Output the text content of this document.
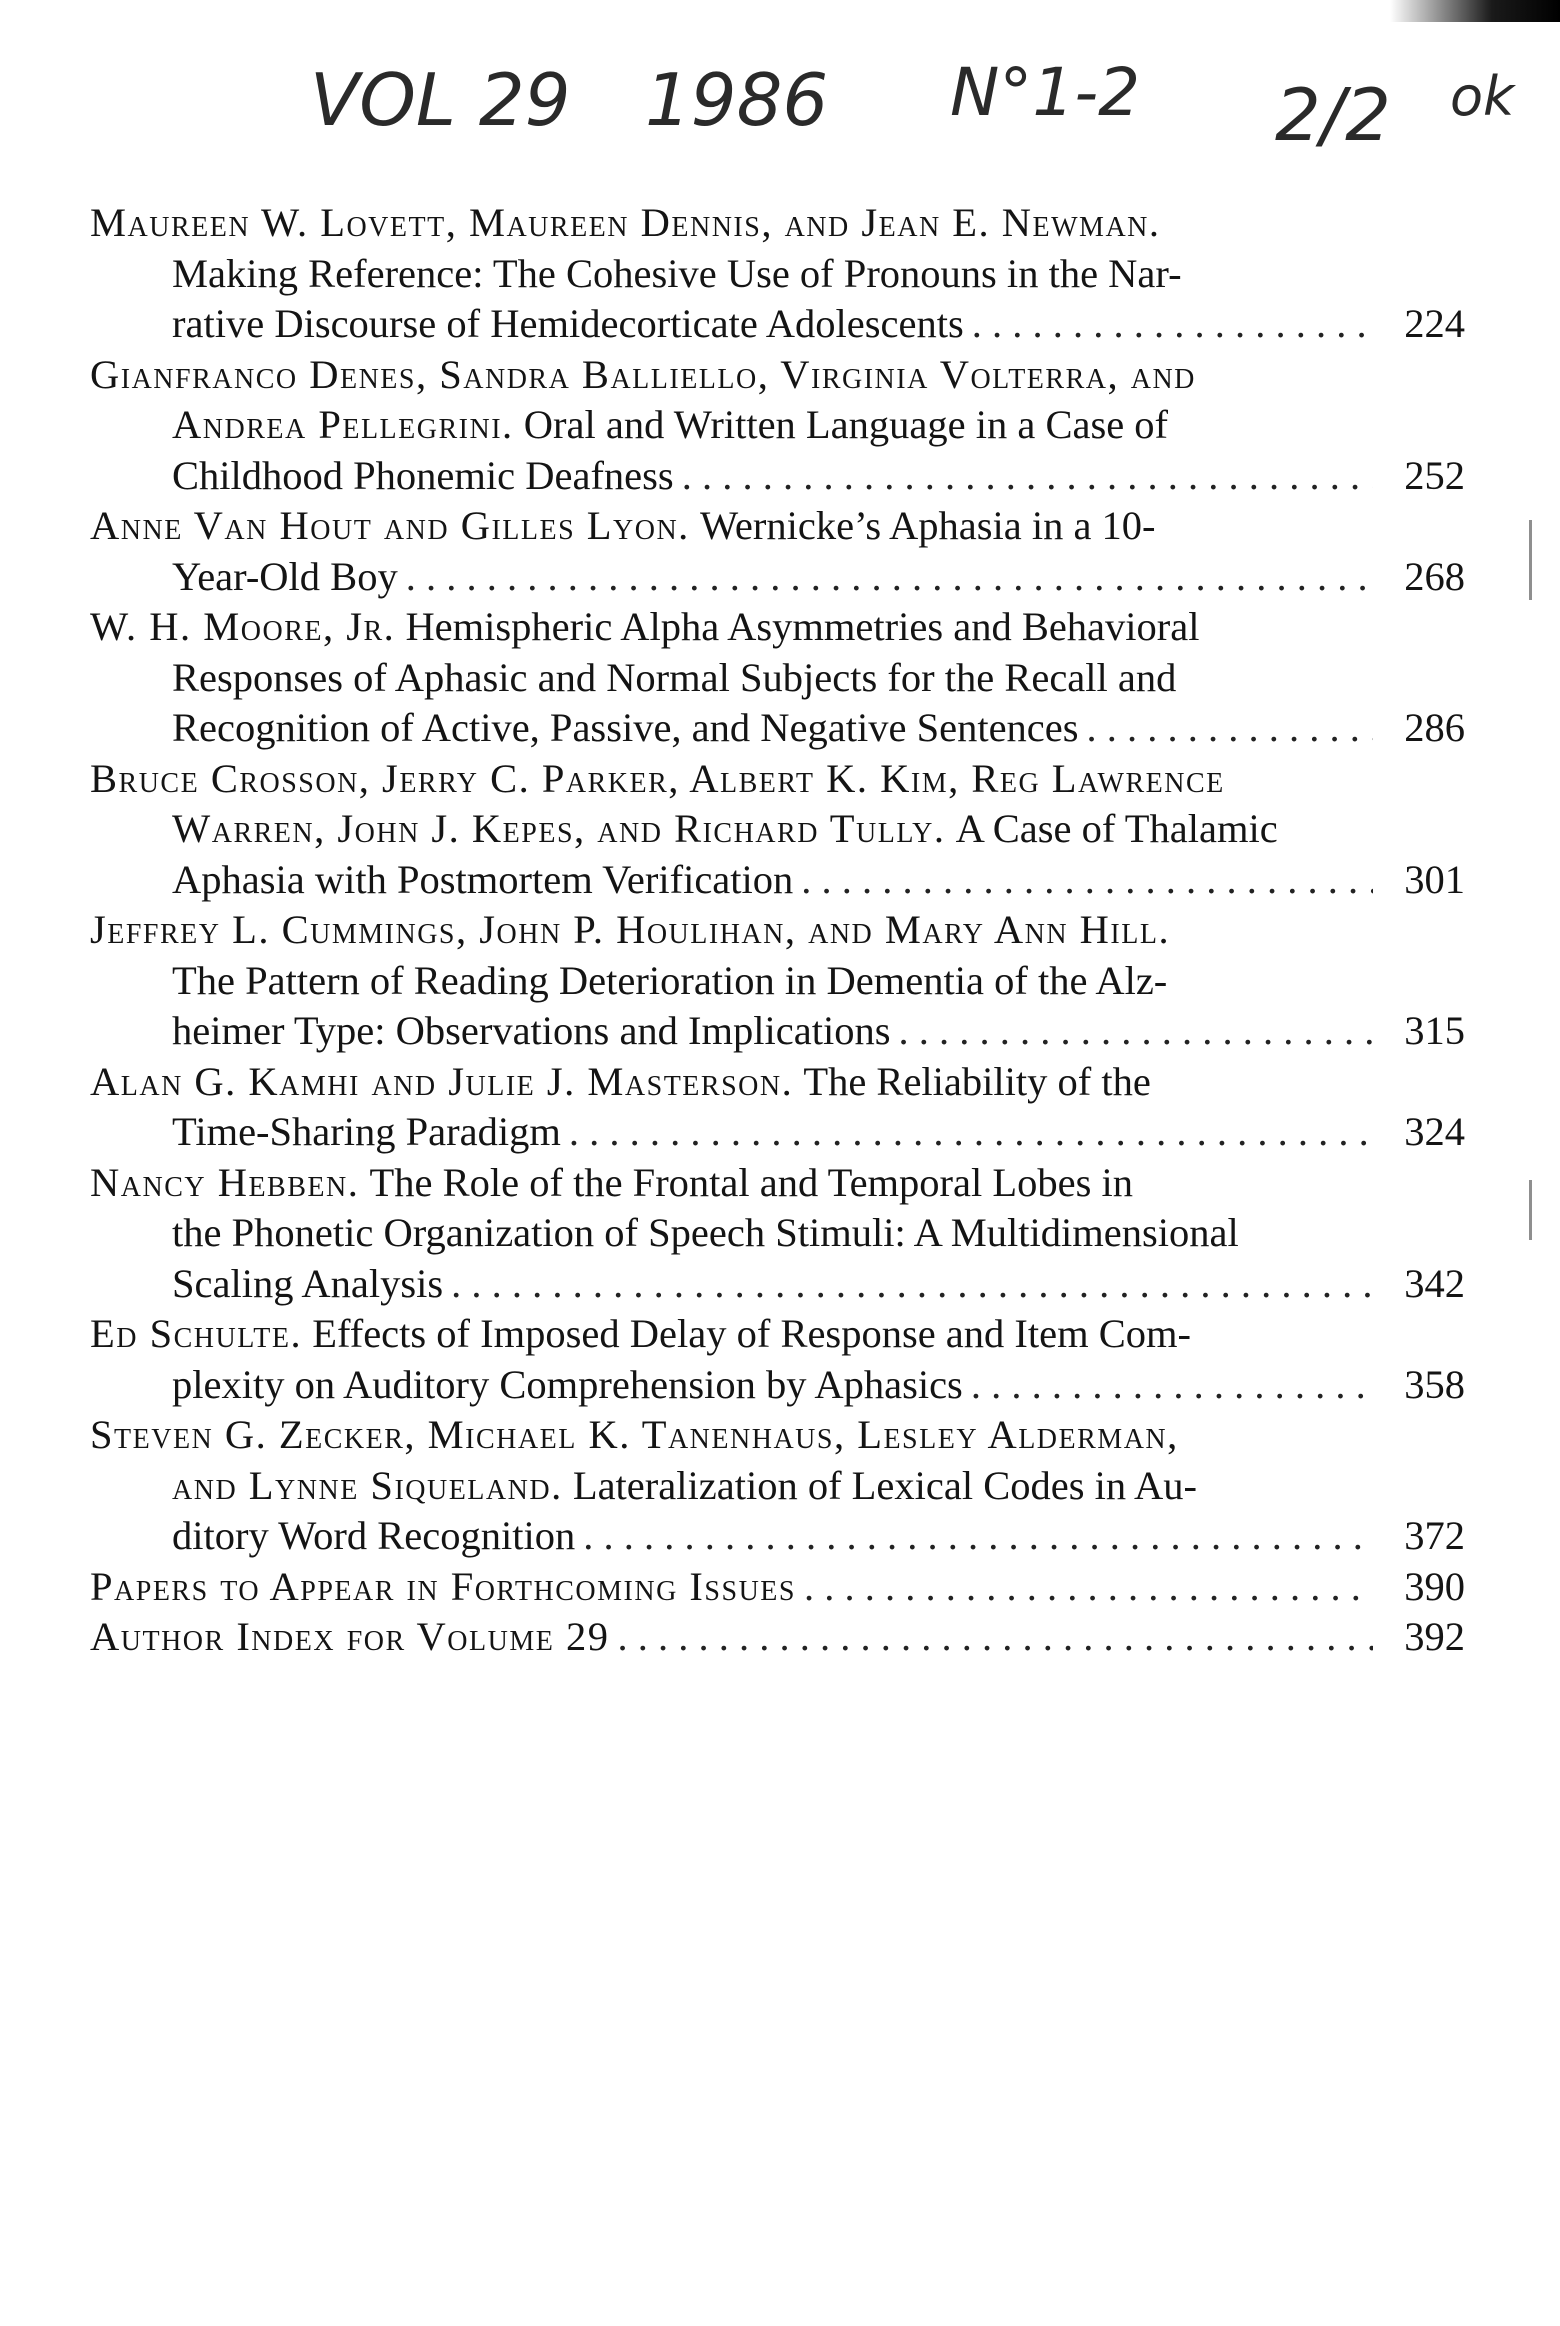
VOL 29 1986 N°1-2 2/2 ok
Maureen W. Lovett, Maureen Dennis, and Jean E. Newman.
Making Reference: The Cohesive Use of Pronouns in the Nar-
rative Discourse of Hemidecorticate Adolescents . . .	224
Gianfranco Denes, Sandra Balliello, Virginia Volterra, and
Andrea Pellegrini.
Oral and Written Language in a Case of
Childhood Phonemic Deafness . . .	252
Anne Van Hout and Gilles Lyon.
Wernicke’s Aphasia in a 10-
Year-Old Boy . . .	268
W. H. Moore, Jr.
Hemispheric Alpha Asymmetries and Behavioral
Responses of Aphasic and Normal Subjects for the Recall and
Recognition of Active, Passive, and Negative Sentences . . .	286
Bruce Crosson, Jerry C. Parker, Albert K. Kim, Reg Lawrence
Warren, John J. Kepes, and Richard Tully.
A Case of Thalamic
Aphasia with Postmortem Verification . . .	301
Jeffrey L. Cummings, John P. Houlihan, and Mary Ann Hill.
The Pattern of Reading Deterioration in Dementia of the Alz-
heimer Type: Observations and Implications . . .	315
Alan G. Kamhi and Julie J. Masterson.
The Reliability of the
Time-Sharing Paradigm . . .	324
Nancy Hebben.
The Role of the Frontal and Temporal Lobes in
the Phonetic Organization of Speech Stimuli: A Multidimensional
Scaling Analysis . . .	342
Ed Schulte.
Effects of Imposed Delay of Response and Item Com-
plexity on Auditory Comprehension by Aphasics . . .	358
Steven G. Zecker, Michael K. Tanenhaus, Lesley Alderman,
and Lynne Siqueland.
Lateralization of Lexical Codes in Au-
ditory Word Recognition . . .	372
Papers to Appear in Forthcoming Issues . . .	390
Author Index for Volume 29 . . .	392
